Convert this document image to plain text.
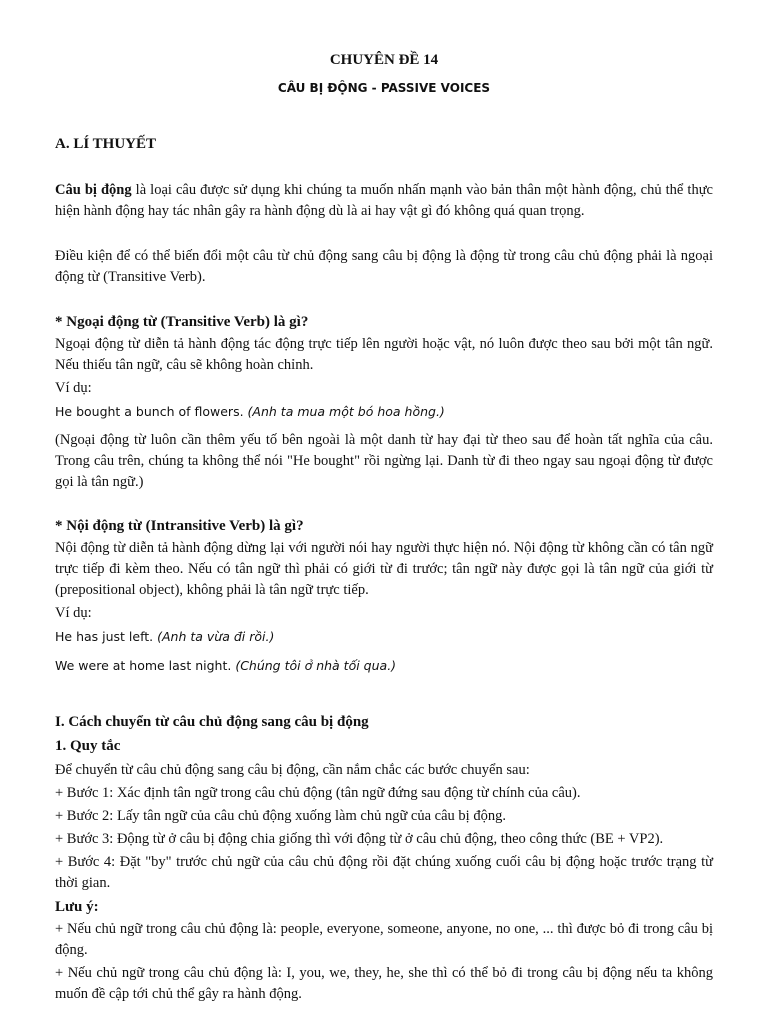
CHUYÊN ĐỀ 14

CÂU BỊ ĐỘNG - PASSIVE VOICES

A. LÍ THUYẾT

Câu bị động là loại câu được sử dụng khi chúng ta muốn nhấn mạnh vào bản thân một hành động, chủ thể thực hiện hành động hay tác nhân gây ra hành động dù là ai hay vật gì đó không quá quan trọng.

Điều kiện để có thể biến đổi một câu từ chủ động sang câu bị động là động từ trong câu chủ động phải là ngoại động từ (Transitive Verb).

* Ngoại động từ (Transitive Verb) là gì?

Ngoại động từ diễn tả hành động tác động trực tiếp lên người hoặc vật, nó luôn được theo sau bởi một tân ngữ. Nếu thiếu tân ngữ, câu sẽ không hoàn chỉnh.

Ví dụ:

He bought a bunch of flowers. (Anh ta mua một bó hoa hồng.)

(Ngoại động từ luôn cần thêm yếu tố bên ngoài là một danh từ hay đại từ theo sau để hoàn tất nghĩa của câu. Trong câu trên, chúng ta không thể nói "He bought" rồi ngừng lại. Danh từ đi theo ngay sau ngoại động từ được gọi là tân ngữ.)

* Nội động từ (Intransitive Verb) là gì?

Nội động từ diễn tả hành động dừng lại với người nói hay người thực hiện nó. Nội động từ không cần có tân ngữ trực tiếp đi kèm theo. Nếu có tân ngữ thì phải có giới từ đi trước; tân ngữ này được gọi là tân ngữ của giới từ (prepositional object), không phải là tân ngữ trực tiếp.

Ví dụ:

He has just left. (Anh ta vừa đi rồi.)

We were at home last night. (Chúng tôi ở nhà tối qua.)

I. Cách chuyển từ câu chủ động sang câu bị động

1. Quy tắc

Để chuyển từ câu chủ động sang câu bị động, cần nắm chắc các bước chuyển sau:

+ Bước 1: Xác định tân ngữ trong câu chủ động (tân ngữ đứng sau động từ chính của câu).

+ Bước 2: Lấy tân ngữ của câu chủ động xuống làm chủ ngữ của câu bị động.

+ Bước 3: Động từ ở câu bị động chia giống thì với động từ ở câu chủ động, theo công thức (BE + VP2).

+ Bước 4: Đặt "by" trước chủ ngữ của câu chủ động rồi đặt chúng xuống cuối câu bị động hoặc trước trạng từ thời gian.

Lưu ý:

+ Nếu chủ ngữ trong câu chủ động là: people, everyone, someone, anyone, no one, ... thì được bỏ đi trong câu bị động.

+ Nếu chủ ngữ trong câu chủ động là: I, you, we, they, he, she thì có thể bỏ đi trong câu bị động nếu ta không muốn đề cập tới chủ thể gây ra hành động.
